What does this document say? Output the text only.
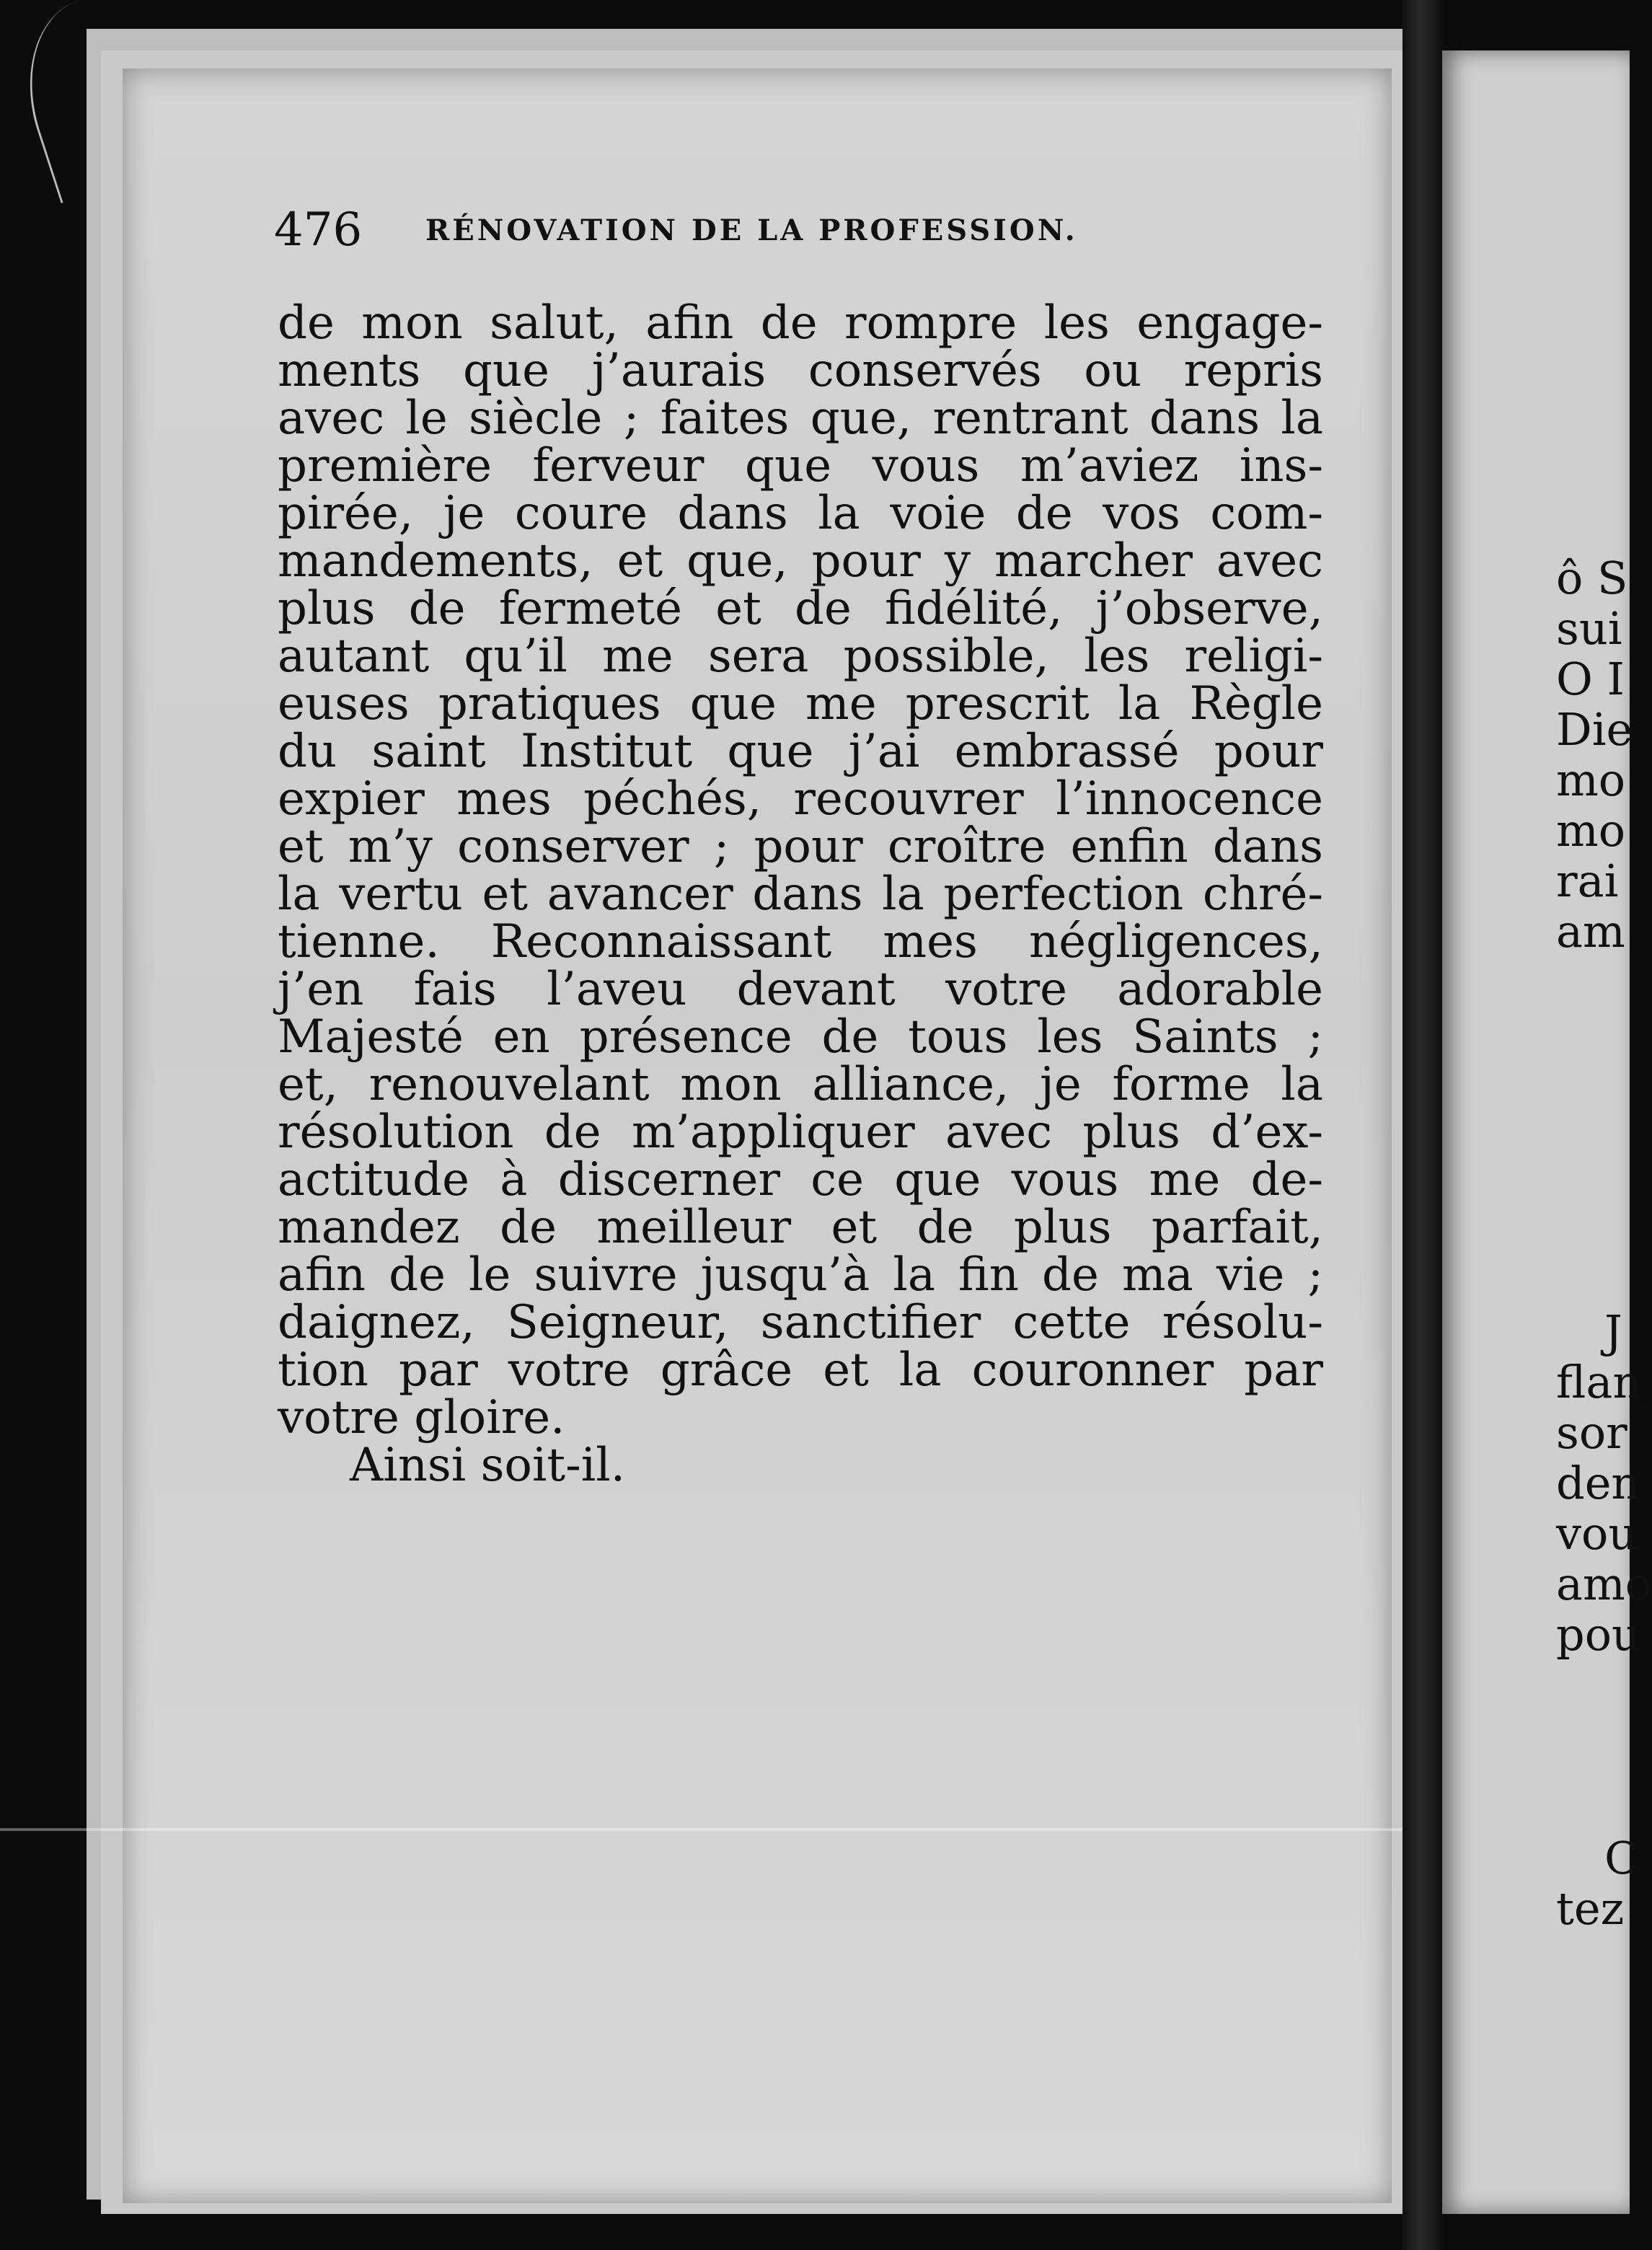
476 RÉNOVATION DE LA PROFESSION.
de mon salut, afin de rompre les engage-
ments que j’aurais conservés ou repris
avec le siècle ; faites que, rentrant dans la
première ferveur que vous m’aviez ins-
pirée, je coure dans la voie de vos com-
mandements, et que, pour y marcher avec
plus de fermeté et de fidélité, j’observe,
autant qu’il me sera possible, les religi-
euses pratiques que me prescrit la Règle
du saint Institut que j’ai embrassé pour
expier mes péchés, recouvrer l’innocence
et m’y conserver ; pour croître enfin dans
la vertu et avancer dans la perfection chré-
tienne. Reconnaissant mes négligences,
j’en fais l’aveu devant votre adorable
Majesté en présence de tous les Saints ;
et, renouvelant mon alliance, je forme la
résolution de m’appliquer avec plus d’ex-
actitude à discerner ce que vous me de-
mandez de meilleur et de plus parfait,
afin de le suivre jusqu’à la fin de ma vie ;
daignez, Seigneur, sanctifier cette résolu-
tion par votre grâce et la couronner par
votre gloire.
Ainsi soit-il.
ô S
sui
O I
Die
mo
mo
rai
am
J
flan
sor
den
vou
amo
pou
C
tez
